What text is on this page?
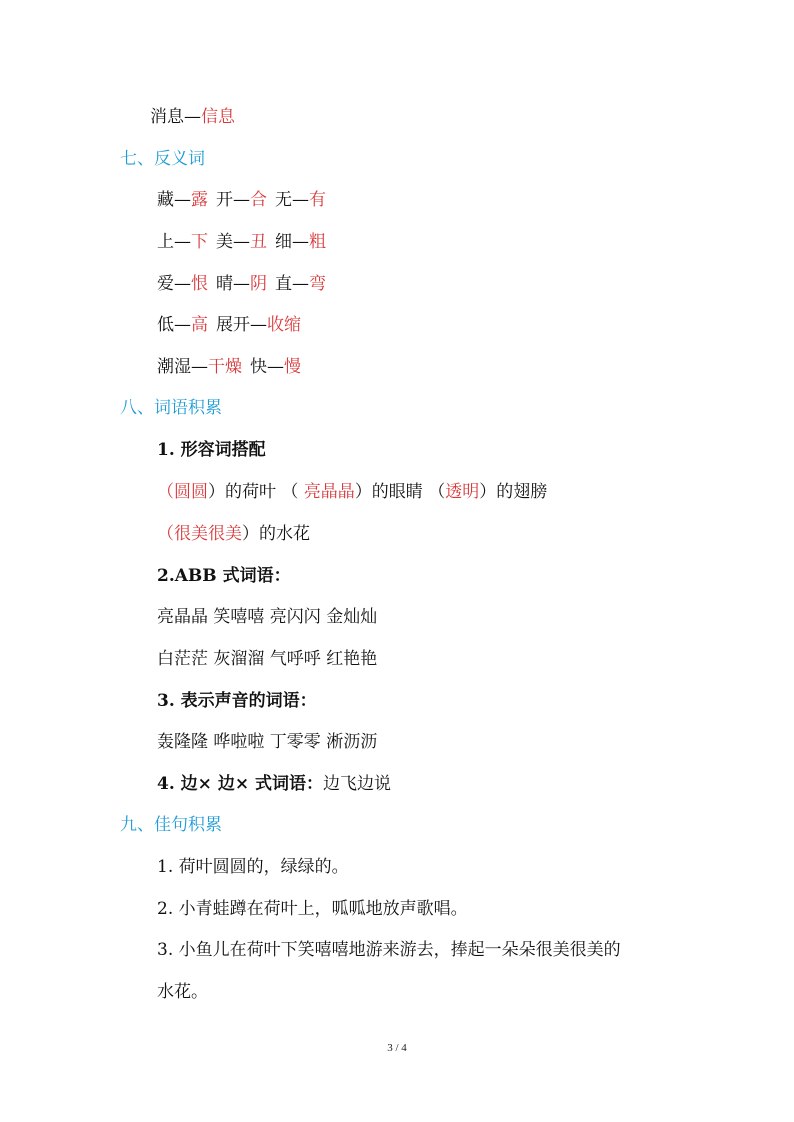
消息—信息
七、反义词
藏—露 开—合 无—有
上—下 美—丑 细—粗
爱—恨 晴—阴 直—弯
低—高 展开—收缩
潮湿—干燥 快—慢
八、词语积累
1. 形容词搭配
（圆圆）的荷叶 （ 亮晶晶）的眼睛 （透明）的翅膀
（很美很美）的水花
2.ABB 式词语：
亮晶晶 笑嘻嘻 亮闪闪 金灿灿
白茫茫 灰溜溜 气呼呼 红艳艳
3. 表示声音的词语：
轰隆隆 哗啦啦 丁零零 淅沥沥
4. 边× 边× 式词语：边飞边说
九、佳句积累
1. 荷叶圆圆的，绿绿的。
2. 小青蛙蹲在荷叶上，呱呱地放声歌唱。
3. 小鱼儿在荷叶下笑嘻嘻地游来游去，捧起一朵朵很美很美的
水花。
3 / 4
